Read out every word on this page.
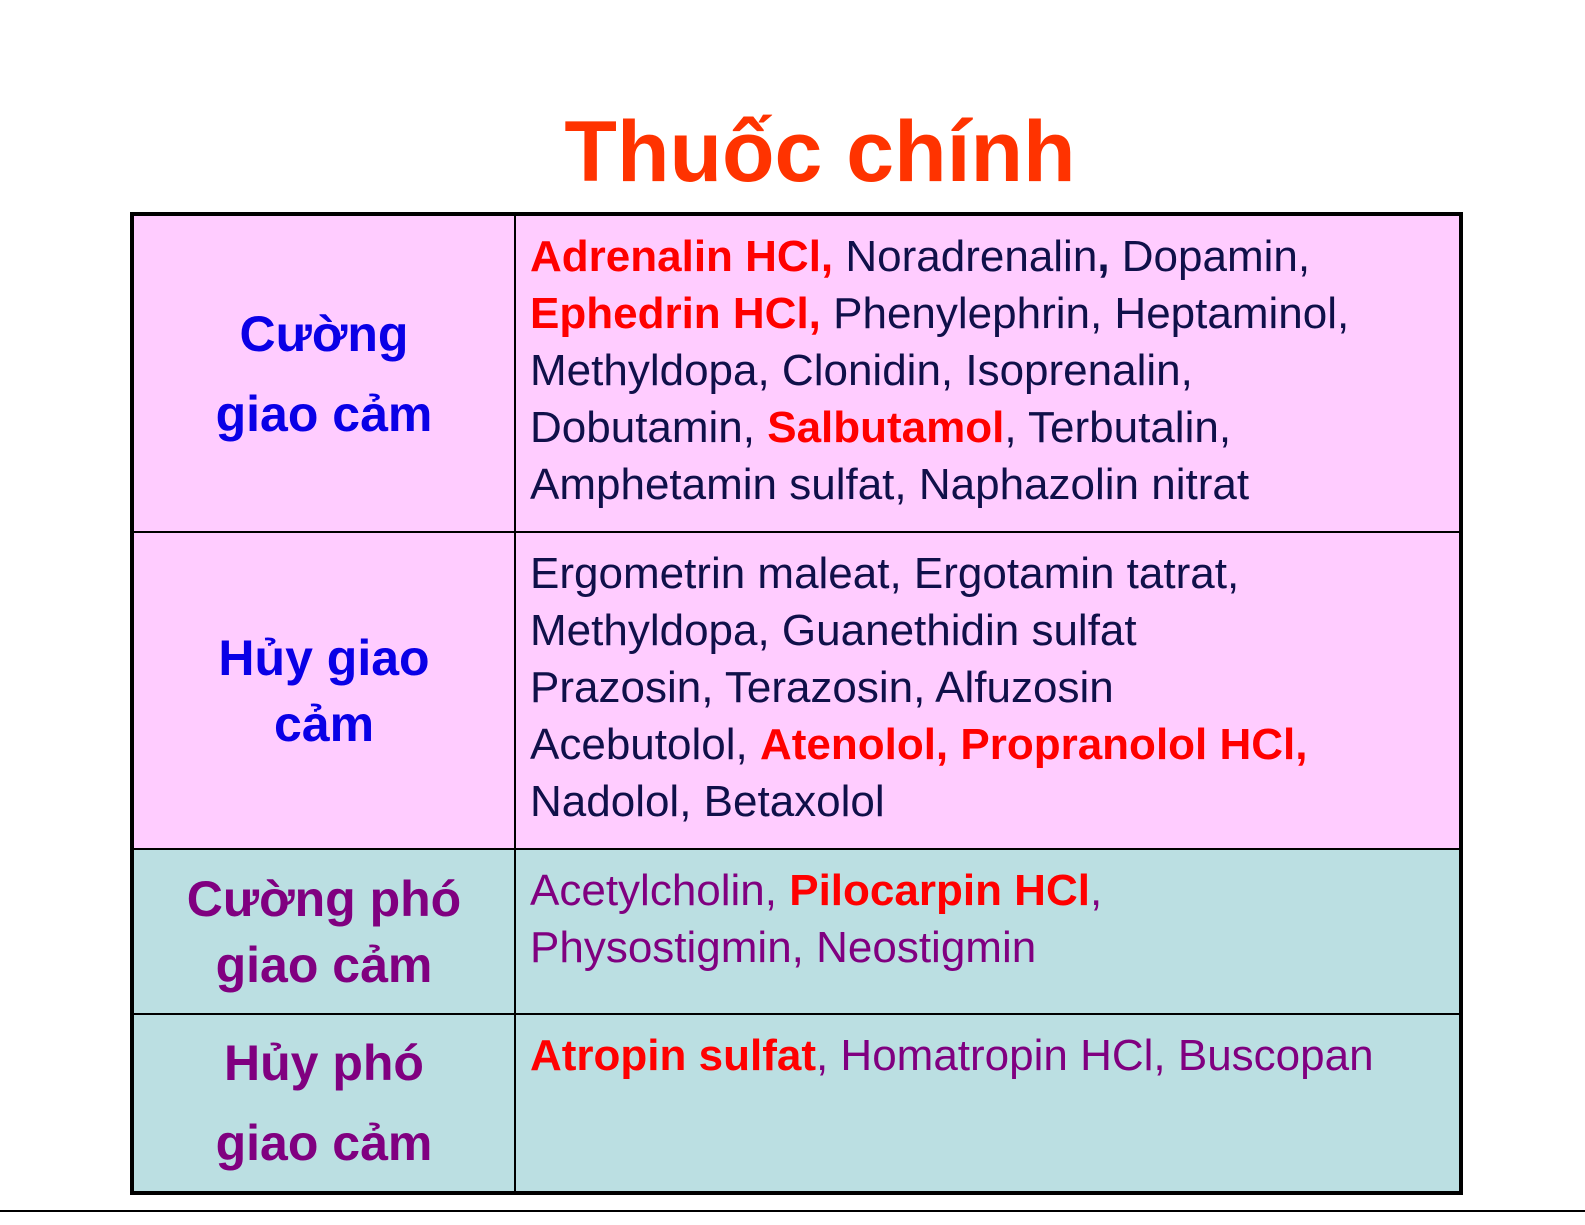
Thuốc chính
Cường
giao cảm	Adrenalin HCl, Noradrenalin, Dopamin,
Ephedrin HCl, Phenylephrin, Heptaminol,
Methyldopa, Clonidin, Isoprenalin,
Dobutamin, Salbutamol, Terbutalin,
Amphetamin sulfat, Naphazolin nitrat

Hủy giao
cảm	Ergometrin maleat, Ergotamin tatrat,
Methyldopa, Guanethidin sulfat
Prazosin, Terazosin, Alfuzosin
Acebutolol, Atenolol, Propranolol HCl,
Nadolol, Betaxolol

Cường phó
giao cảm	Acetylcholin, Pilocarpin HCl,
Physostigmin, Neostigmin

Hủy phó
giao cảm	Atropin sulfat, Homatropin HCl, Buscopan
